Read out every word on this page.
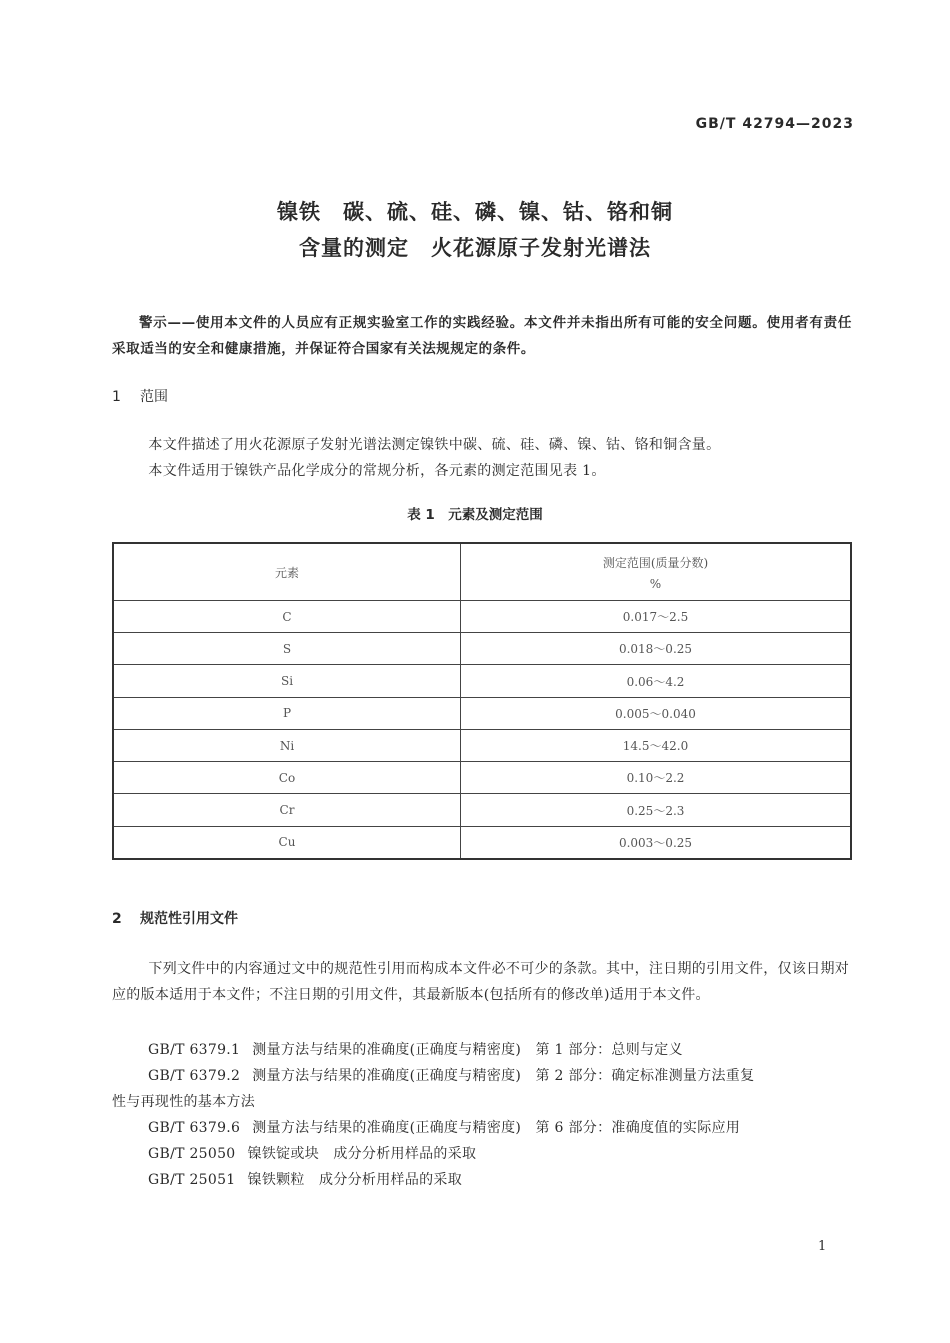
GB/T 42794—2023
镍铁　碳、硫、硅、磷、镍、钴、铬和铜
含量的测定　火花源原子发射光谱法
警示——使用本文件的人员应有正规实验室工作的实践经验。本文件并未指出所有可能的安全问题。使用者有责任采取适当的安全和健康措施，并保证符合国家有关法规规定的条件。
1 范围
本文件描述了用火花源原子发射光谱法测定镍铁中碳、硫、硅、磷、镍、钴、铬和铜含量。
本文件适用于镍铁产品化学成分的常规分析，各元素的测定范围见表 1。
表 1　元素及测定范围
元素	测定范围(质量分数)
%

C	0.017～2.5
S	0.018～0.25
Si	0.06～4.2
P	0.005～0.040
Ni	14.5～42.0
Co	0.10～2.2
Cr	0.25～2.3
Cu	0.003～0.25
2 规范性引用文件
下列文件中的内容通过文中的规范性引用而构成本文件必不可少的条款。其中，注日期的引用文件，仅该日期对应的版本适用于本文件；不注日期的引用文件，其最新版本(包括所有的修改单)适用于本文件。
GB/T 6379.1 测量方法与结果的准确度(正确度与精密度)　第 1 部分：总则与定义
GB/T 6379.2 测量方法与结果的准确度(正确度与精密度)　第 2 部分：确定标准测量方法重复
性与再现性的基本方法
GB/T 6379.6 测量方法与结果的准确度(正确度与精密度)　第 6 部分：准确度值的实际应用
GB/T 25050 镍铁锭或块　成分分析用样品的采取
GB/T 25051 镍铁颗粒　成分分析用样品的采取
1
